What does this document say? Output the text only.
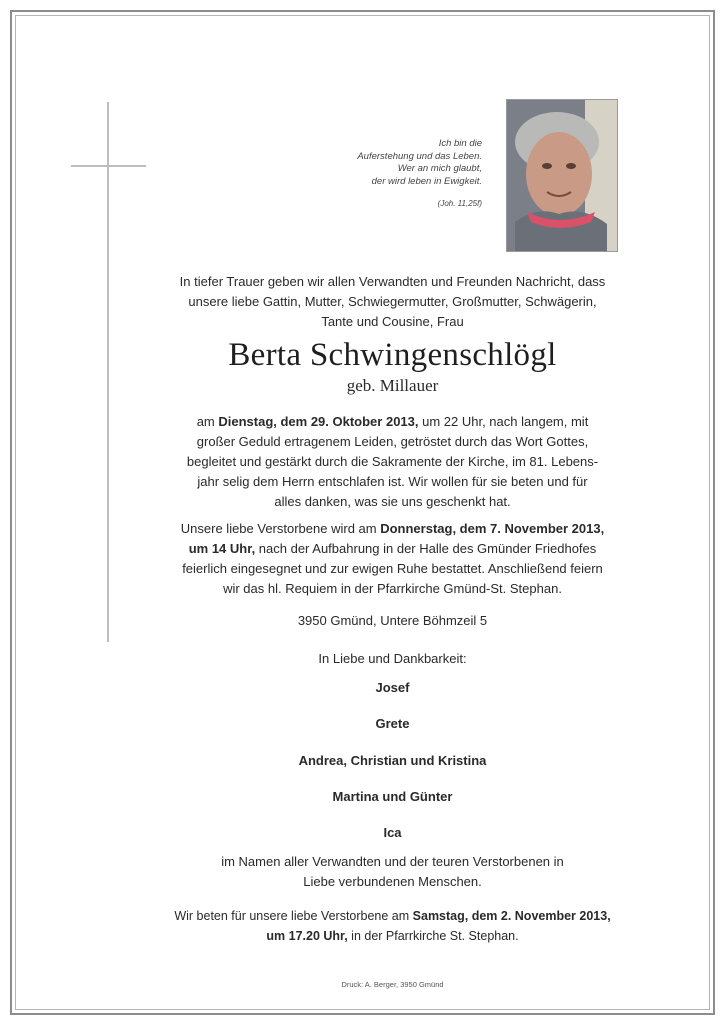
Ich bin die
Auferstehung und das Leben.
Wer an mich glaubt,
der wird leben in Ewigkeit.
(Joh. 11,25f)
In tiefer Trauer geben wir allen Verwandten und Freunden Nachricht, dass
unsere liebe Gattin, Mutter, Schwiegermutter, Großmutter, Schwägerin,
Tante und Cousine, Frau
Berta Schwingenschlögl
geb. Millauer
am Dienstag, dem 29. Oktober 2013, um 22 Uhr, nach langem, mit
großer Geduld ertragenem Leiden, getröstet durch das Wort Gottes,
begleitet und gestärkt durch die Sakramente der Kirche, im 81. Lebens-
jahr selig dem Herrn entschlafen ist. Wir wollen für sie beten und für
alles danken, was sie uns geschenkt hat.
Unsere liebe Verstorbene wird am Donnerstag, dem 7. November 2013,
um 14 Uhr, nach der Aufbahrung in der Halle des Gmünder Friedhofes
feierlich eingesegnet und zur ewigen Ruhe bestattet. Anschließend feiern
wir das hl. Requiem in der Pfarrkirche Gmünd-St. Stephan.
3950 Gmünd, Untere Böhmzeil 5
In Liebe und Dankbarkeit:
Josef
Grete
Andrea, Christian und Kristina
Martina und Günter
Ica
im Namen aller Verwandten und der teuren Verstorbenen in
Liebe verbundenen Menschen.
Wir beten für unsere liebe Verstorbene am Samstag, dem 2. November 2013,
um 17.20 Uhr, in der Pfarrkirche St. Stephan.
Druck: A. Berger, 3950 Gmünd
